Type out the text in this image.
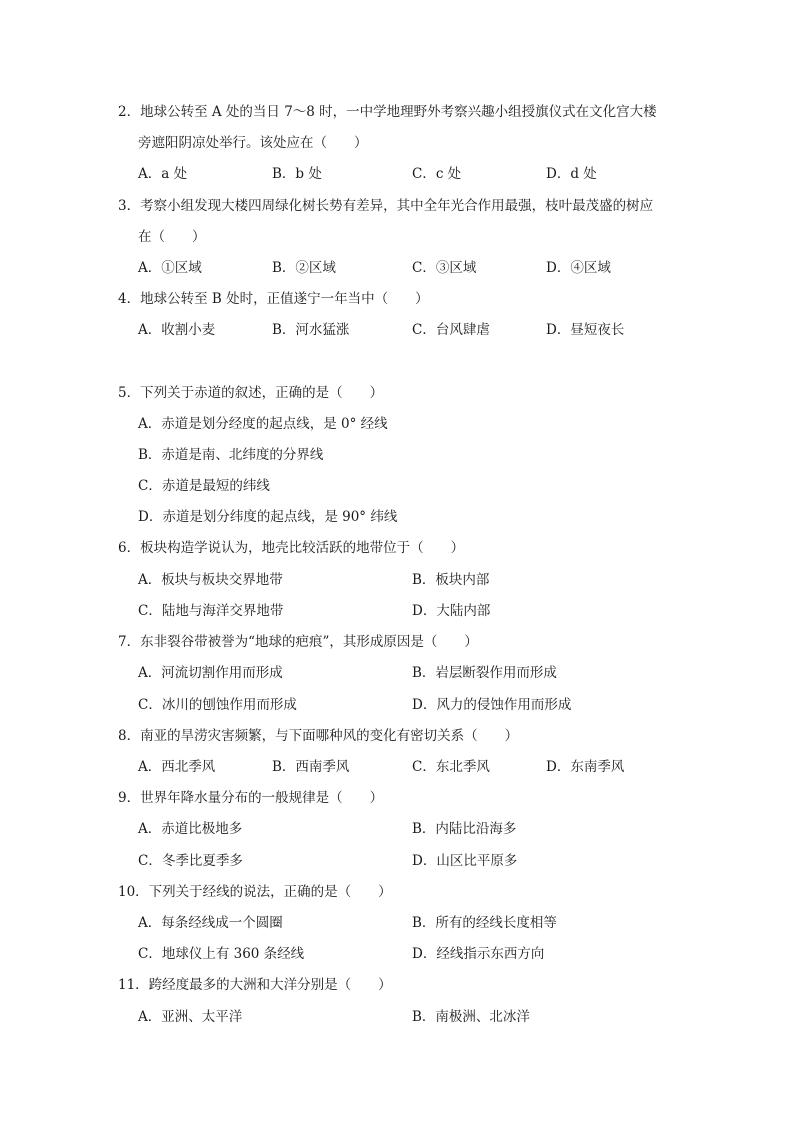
2．地球公转至 A 处的当日 7～8 时，一中学地理野外考察兴趣小组授旗仪式在文化宫大楼
旁遮阳阴凉处举行。该处应在（　　）
A．a 处	B．b 处	C．c 处	D．d 处
3．考察小组发现大楼四周绿化树长势有差异，其中全年光合作用最强，枝叶最茂盛的树应
在（　　）
A．①区域	B．②区域	C．③区域	D．④区域
4．地球公转至 B 处时，正值遂宁一年当中（　　）
A．收割小麦	B．河水猛涨	C．台风肆虐	D．昼短夜长
5．下列关于赤道的叙述，正确的是（　　）
A．赤道是划分经度的起点线，是 0° 经线
B．赤道是南、北纬度的分界线
C．赤道是最短的纬线
D．赤道是划分纬度的起点线，是 90° 纬线
6．板块构造学说认为，地壳比较活跃的地带位于（　　）
A．板块与板块交界地带	B．板块内部
C．陆地与海洋交界地带	D．大陆内部
7．东非裂谷带被誉为“地球的疤痕”，其形成原因是（　　）
A．河流切割作用而形成	B．岩层断裂作用而形成
C．冰川的刨蚀作用而形成	D．风力的侵蚀作用而形成
8．南亚的旱涝灾害频繁，与下面哪种风的变化有密切关系（　　）
A．西北季风	B．西南季风	C．东北季风	D．东南季风
9．世界年降水量分布的一般规律是（　　）
A．赤道比极地多	B．内陆比沿海多
C．冬季比夏季多	D．山区比平原多
10．下列关于经线的说法，正确的是（　　）
A．每条经线成一个圆圈	B．所有的经线长度相等
C．地球仪上有 360 条经线	D．经线指示东西方向
11．跨经度最多的大洲和大洋分别是（　　）
A．亚洲、太平洋	B．南极洲、北冰洋
